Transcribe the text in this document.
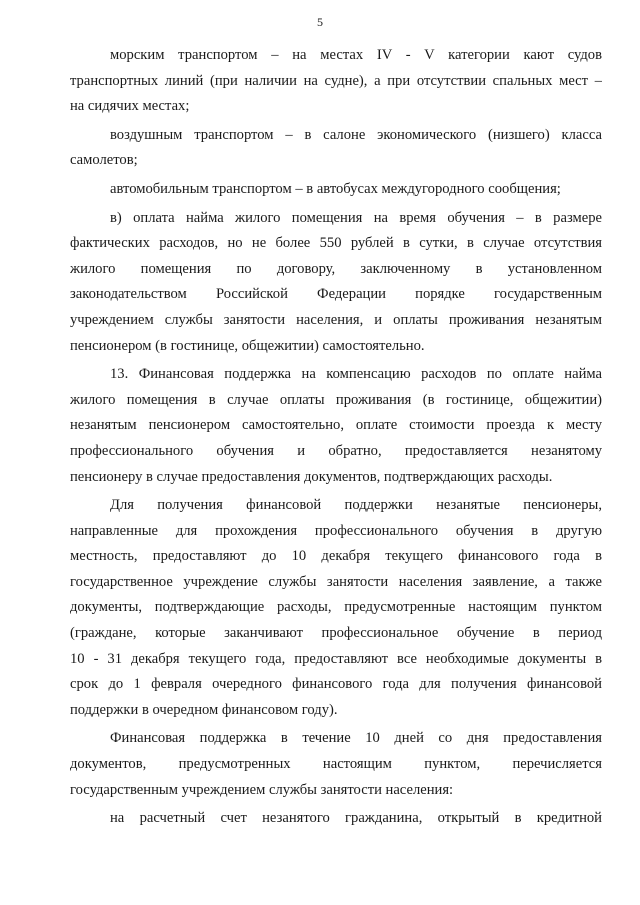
5
морским транспортом – на местах IV - V категории кают судов
транспортных линий (при наличии на судне), а при отсутствии спальных мест –
на сидячих местах;
воздушным транспортом – в салоне экономического (низшего) класса
самолетов;
автомобильным транспортом – в автобусах междугородного сообщения;
в) оплата найма жилого помещения на время обучения – в размере
фактических расходов, но не более 550 рублей в сутки, в случае отсутствия
жилого помещения по договору, заключенному в установленном
законодательством Российской Федерации порядке государственным
учреждением службы занятости населения, и оплаты проживания незанятым
пенсионером (в гостинице, общежитии) самостоятельно.
13. Финансовая поддержка на компенсацию расходов по оплате найма
жилого помещения в случае оплаты проживания (в гостинице, общежитии)
незанятым пенсионером самостоятельно, оплате стоимости проезда к месту
профессионального обучения и обратно, предоставляется незанятому
пенсионеру в случае предоставления документов, подтверждающих расходы.
Для получения финансовой поддержки незанятые пенсионеры,
направленные для прохождения профессионального обучения в другую
местность, предоставляют до 10 декабря текущего финансового года в
государственное учреждение службы занятости населения заявление, а также
документы, подтверждающие расходы, предусмотренные настоящим пунктом
(граждане, которые заканчивают профессиональное обучение в период
10 - 31 декабря текущего года, предоставляют все необходимые документы в
срок до 1 февраля очередного финансового года для получения финансовой
поддержки в очередном финансовом году).
Финансовая поддержка в течение 10 дней со дня предоставления
документов, предусмотренных настоящим пунктом, перечисляется
государственным учреждением службы занятости населения:
на расчетный счет незанятого гражданина, открытый в кредитной
